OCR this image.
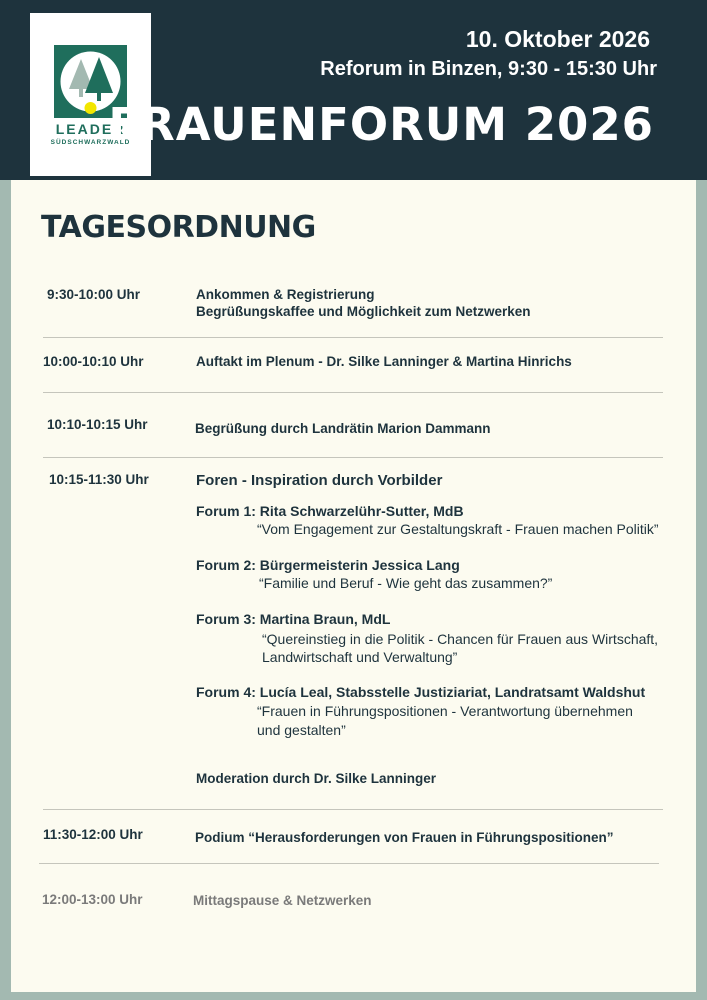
LEADER
SÜDSCHWARZWALD
10. Oktober 2026
Reforum in Binzen, 9:30 - 15:30 Uhr
FRAUENFORUM 2026
TAGESORDNUNG
9:30-10:00 Uhr	Ankommen & Registrierung
Begrüßungskaffee und Möglichkeit zum Netzwerken
10:00-10:10 Uhr	Auftakt im Plenum - Dr. Silke Lanninger & Martina Hinrichs
10:10-10:15 Uhr	Begrüßung durch Landrätin Marion Dammann
10:15-11:30 Uhr	Foren - Inspiration durch Vorbilder
Forum 1: Rita Schwarzelühr-Sutter, MdB
“Vom Engagement zur Gestaltungskraft - Frauen machen Politik”
Forum 2: Bürgermeisterin Jessica Lang
“Familie und Beruf - Wie geht das zusammen?”
Forum 3: Martina Braun, MdL
“Quereinstieg in die Politik - Chancen für Frauen aus Wirtschaft,
Landwirtschaft und Verwaltung”
Forum 4: Lucía Leal, Stabsstelle Justiziariat, Landratsamt Waldshut
“Frauen in Führungspositionen - Verantwortung übernehmen
und gestalten”
Moderation durch Dr. Silke Lanninger
11:30-12:00 Uhr	Podium “Herausforderungen von Frauen in Führungspositionen”
12:00-13:00 Uhr	Mittagspause & Netzwerken
